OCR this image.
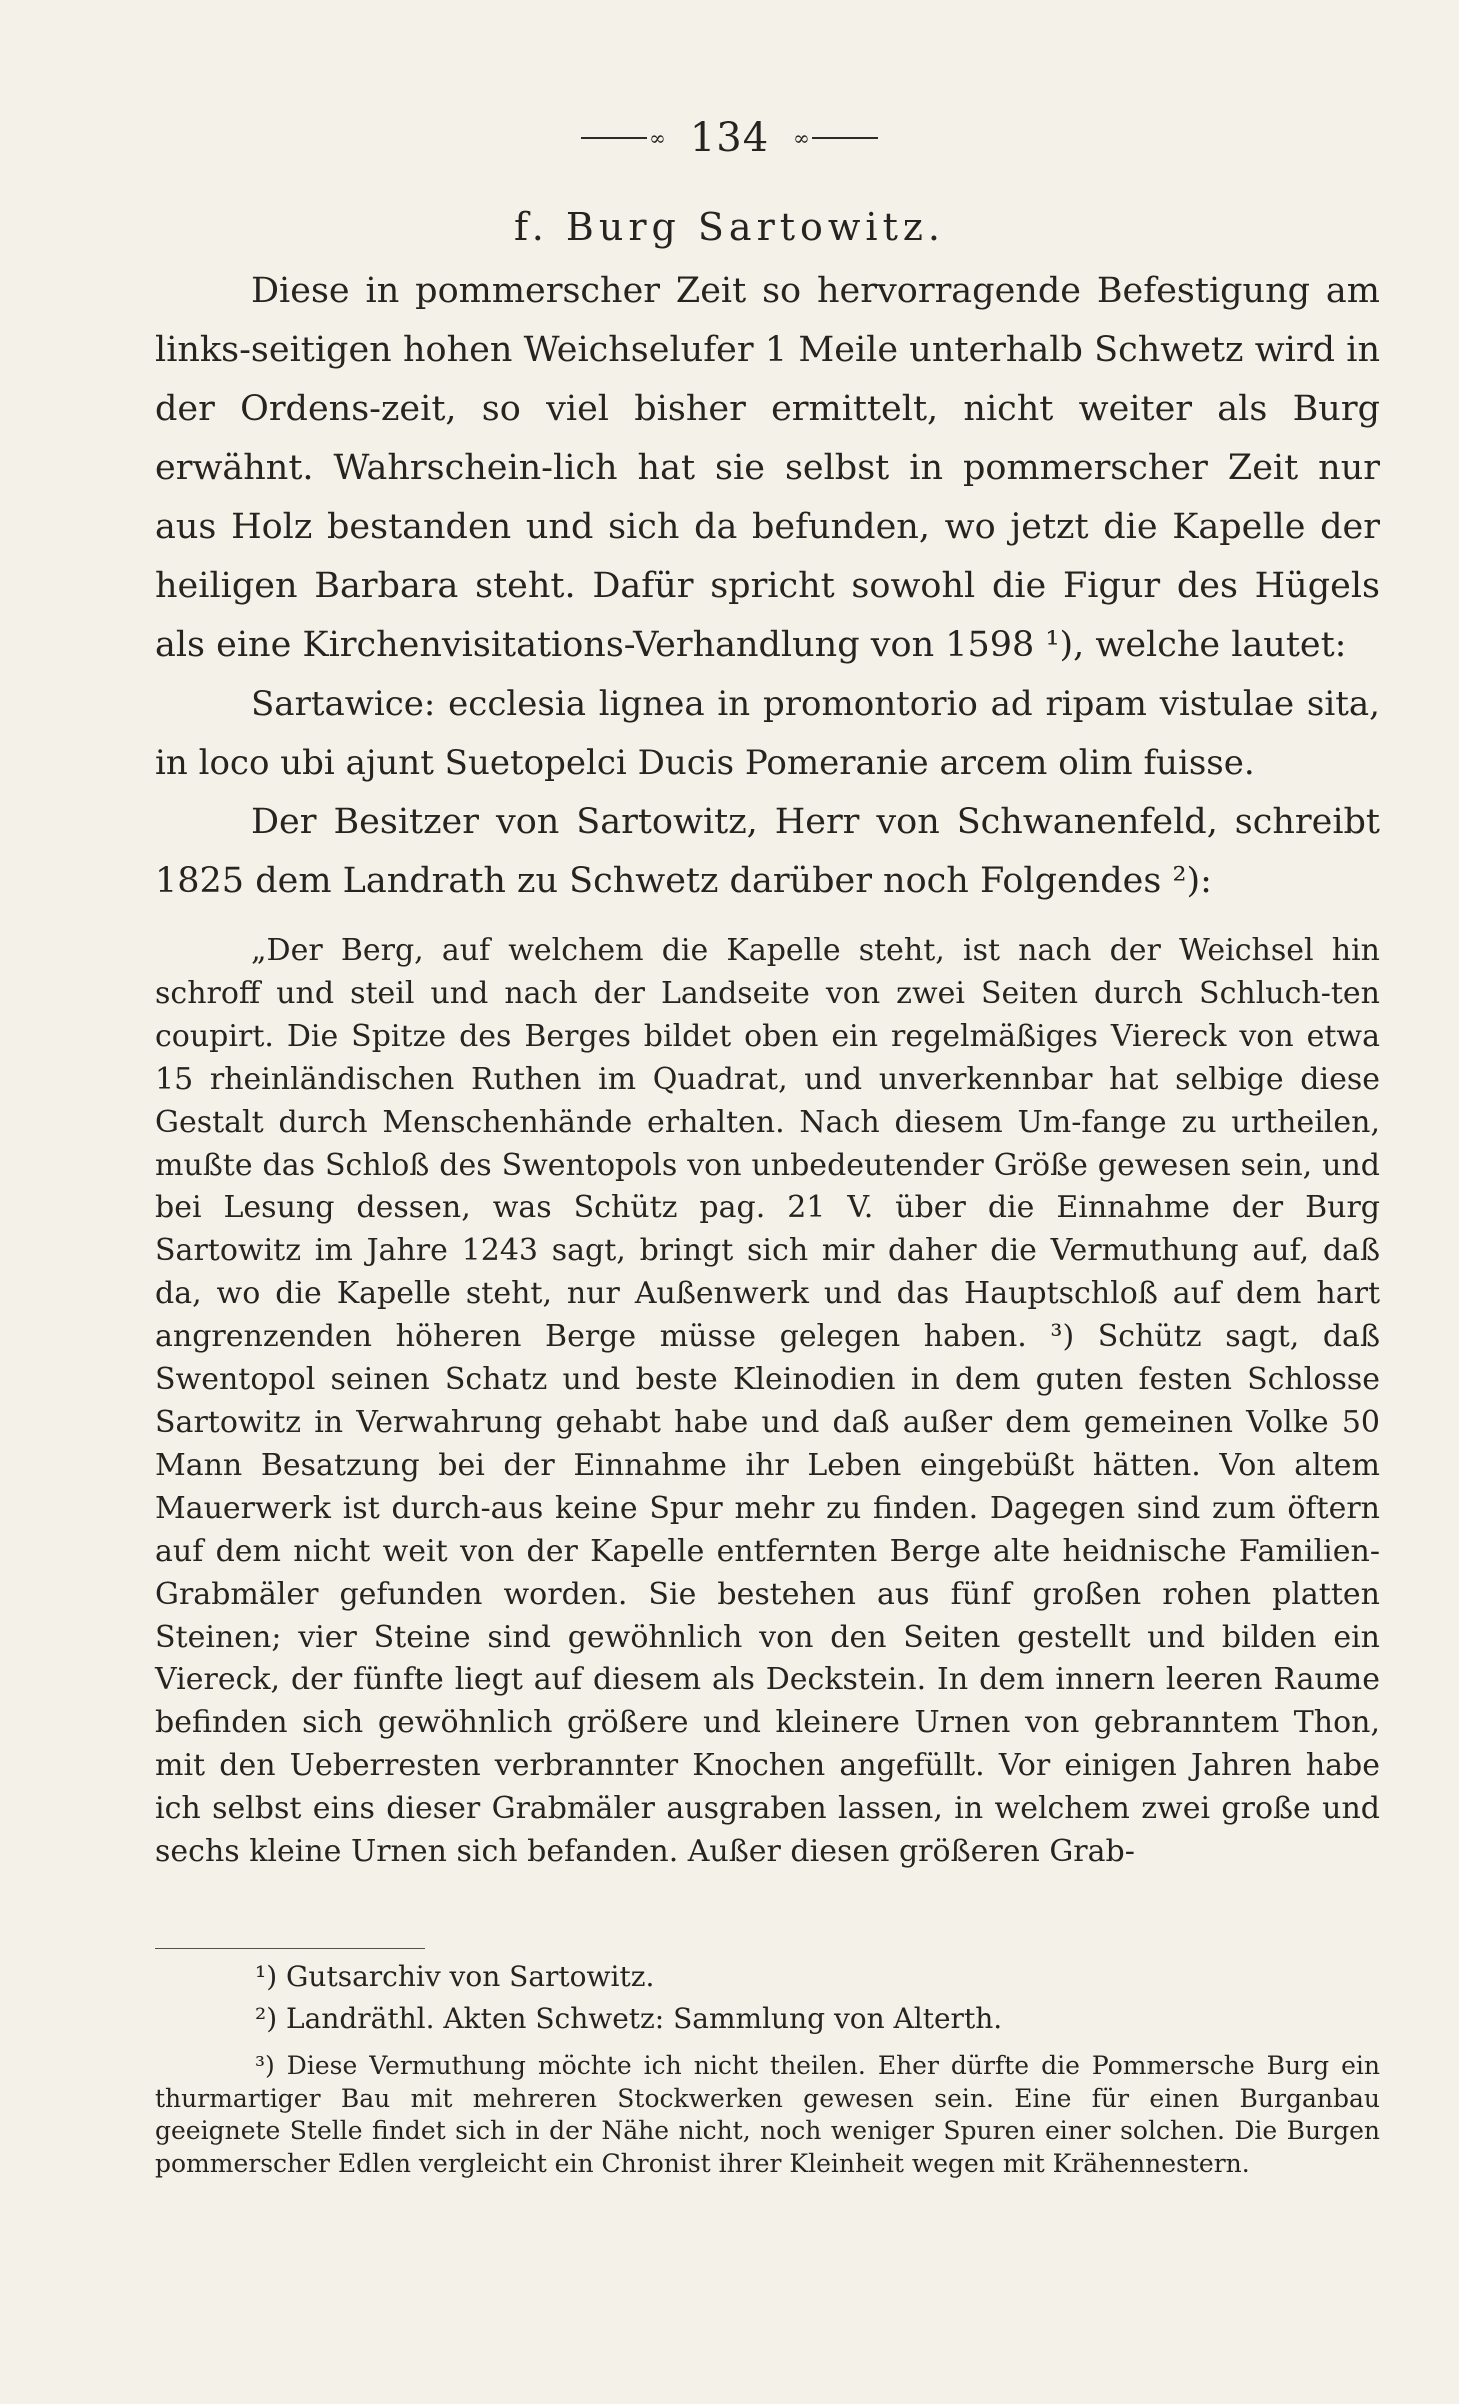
∞ 134 ∞
f. Burg Sartowitz.

Diese in pommerscher Zeit so hervorragende Befestigung am links-seitigen hohen Weichselufer 1 Meile unterhalb Schwetz wird in der Ordens-zeit, so viel bisher ermittelt, nicht weiter als Burg erwähnt. Wahrschein-lich hat sie selbst in pommerscher Zeit nur aus Holz bestanden und sich da befunden, wo jetzt die Kapelle der heiligen Barbara steht. Dafür spricht sowohl die Figur des Hügels als eine Kirchenvisitations-Verhandlung von 1598 ¹), welche lautet:

Sartawice: ecclesia lignea in promontorio ad ripam vistulae sita, in loco ubi ajunt Suetopelci Ducis Pomeranie arcem olim fuisse.

Der Besitzer von Sartowitz, Herr von Schwanenfeld, schreibt 1825 dem Landrath zu Schwetz darüber noch Folgendes ²):

„Der Berg, auf welchem die Kapelle steht, ist nach der Weichsel hin schroff und steil und nach der Landseite von zwei Seiten durch Schluch-ten coupirt. Die Spitze des Berges bildet oben ein regelmäßiges Viereck von etwa 15 rheinländischen Ruthen im Quadrat, und unverkennbar hat selbige diese Gestalt durch Menschenhände erhalten. Nach diesem Um-fange zu urtheilen, mußte das Schloß des Swentopols von unbedeutender Größe gewesen sein, und bei Lesung dessen, was Schütz pag. 21 V. über die Einnahme der Burg Sartowitz im Jahre 1243 sagt, bringt sich mir daher die Vermuthung auf, daß da, wo die Kapelle steht, nur Außenwerk und das Hauptschloß auf dem hart angrenzenden höheren Berge müsse gelegen haben. ³) Schütz sagt, daß Swentopol seinen Schatz und beste Kleinodien in dem guten festen Schlosse Sartowitz in Verwahrung gehabt habe und daß außer dem gemeinen Volke 50 Mann Besatzung bei der Einnahme ihr Leben eingebüßt hätten. Von altem Mauerwerk ist durch-aus keine Spur mehr zu finden. Dagegen sind zum öftern auf dem nicht weit von der Kapelle entfernten Berge alte heidnische Familien-Grabmäler gefunden worden. Sie bestehen aus fünf großen rohen platten Steinen; vier Steine sind gewöhnlich von den Seiten gestellt und bilden ein Viereck, der fünfte liegt auf diesem als Deckstein. In dem innern leeren Raume befinden sich gewöhnlich größere und kleinere Urnen von gebranntem Thon, mit den Ueberresten verbrannter Knochen angefüllt. Vor einigen Jahren habe ich selbst eins dieser Grabmäler ausgraben lassen, in welchem zwei große und sechs kleine Urnen sich befanden. Außer diesen größeren Grab-

¹) Gutsarchiv von Sartowitz.

²) Landräthl. Akten Schwetz: Sammlung von Alterth.

³) Diese Vermuthung möchte ich nicht theilen. Eher dürfte die Pommersche Burg ein thurmartiger Bau mit mehreren Stockwerken gewesen sein. Eine für einen Burganbau geeignete Stelle findet sich in der Nähe nicht, noch weniger Spuren einer solchen. Die Burgen pommerscher Edlen vergleicht ein Chronist ihrer Kleinheit wegen mit Krähennestern.
